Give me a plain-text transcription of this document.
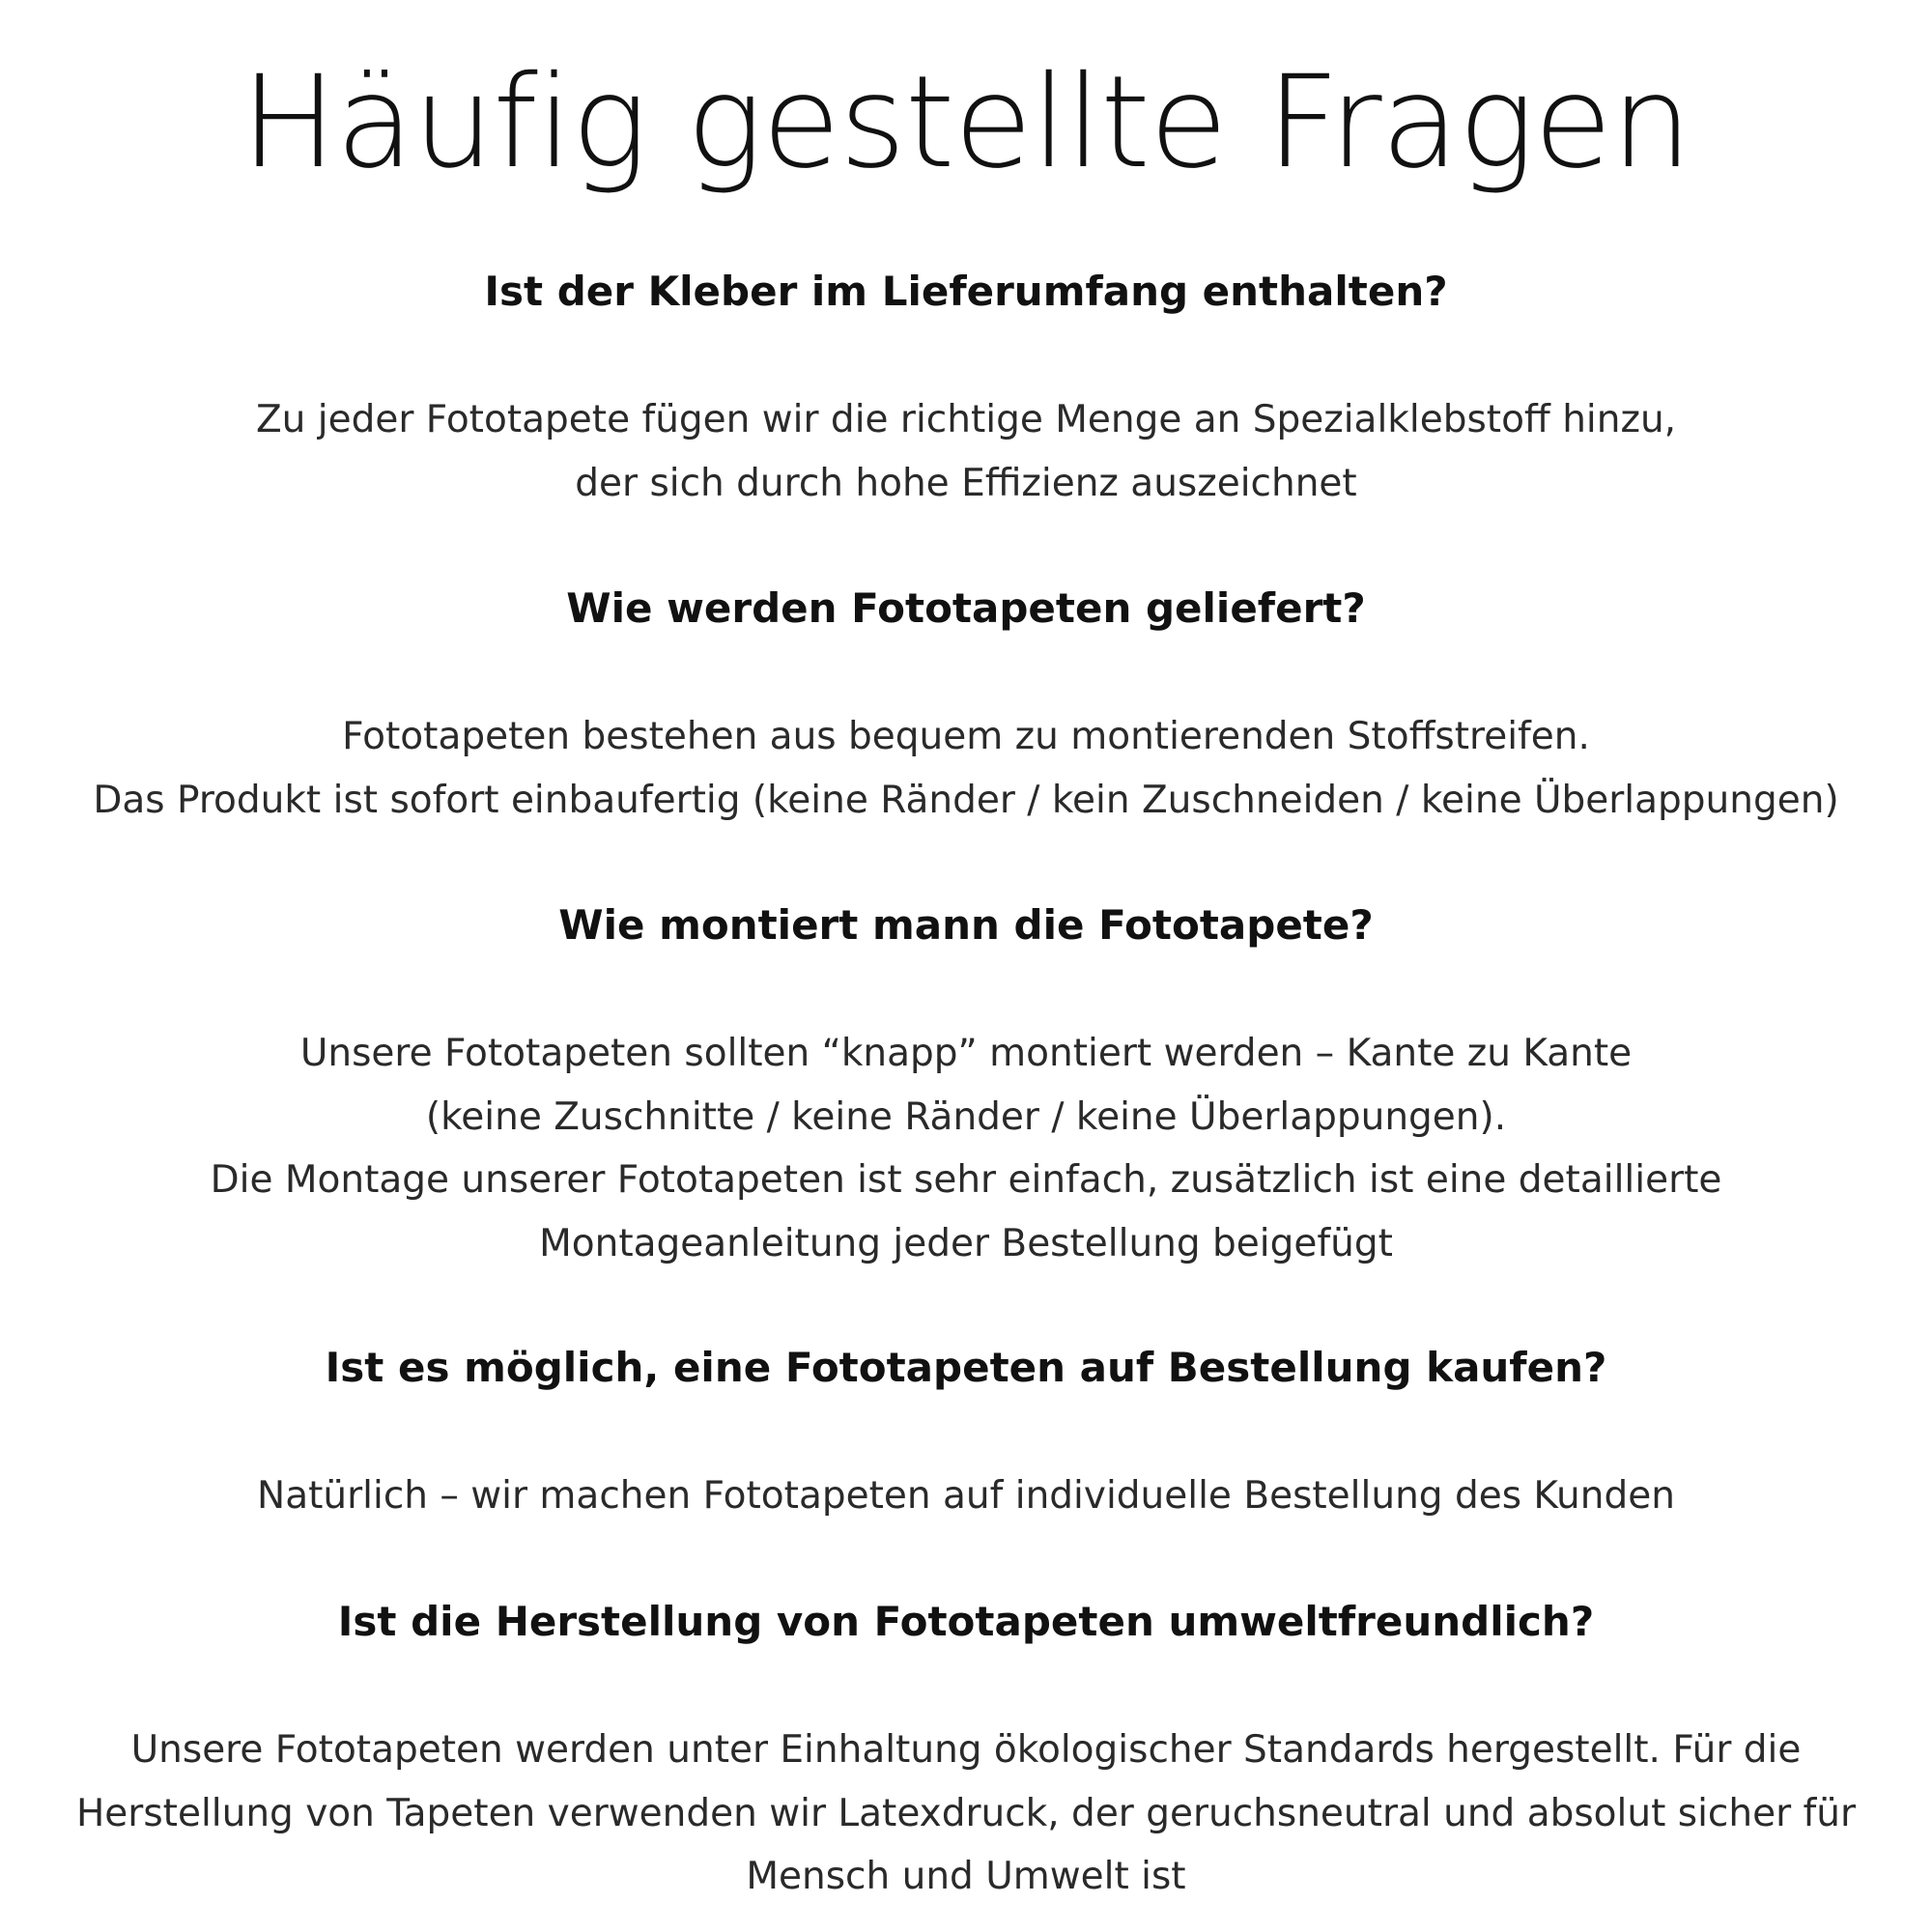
Häufig gestellte Fragen
Ist der Kleber im Lieferumfang enthalten?
Zu jeder Fototapete fügen wir die richtige Menge an Spezialklebstoff hinzu,
der sich durch hohe Effizienz auszeichnet
Wie werden Fototapeten geliefert?
Fototapeten bestehen aus bequem zu montierenden Stoffstreifen.
Das Produkt ist sofort einbaufertig (keine Ränder / kein Zuschneiden / keine Überlappungen)
Wie montiert mann die Fototapete?
Unsere Fototapeten sollten “knapp” montiert werden – Kante zu Kante
(keine Zuschnitte / keine Ränder / keine Überlappungen).
Die Montage unserer Fototapeten ist sehr einfach, zusätzlich ist eine detaillierte
Montageanleitung jeder Bestellung beigefügt
Ist es möglich, eine Fototapeten auf Bestellung kaufen?
Natürlich – wir machen Fototapeten auf individuelle Bestellung des Kunden
Ist die Herstellung von Fototapeten umweltfreundlich?
Unsere Fototapeten werden unter Einhaltung ökologischer Standards hergestellt. Für die
Herstellung von Tapeten verwenden wir Latexdruck, der geruchsneutral und absolut sicher für
Mensch und Umwelt ist
